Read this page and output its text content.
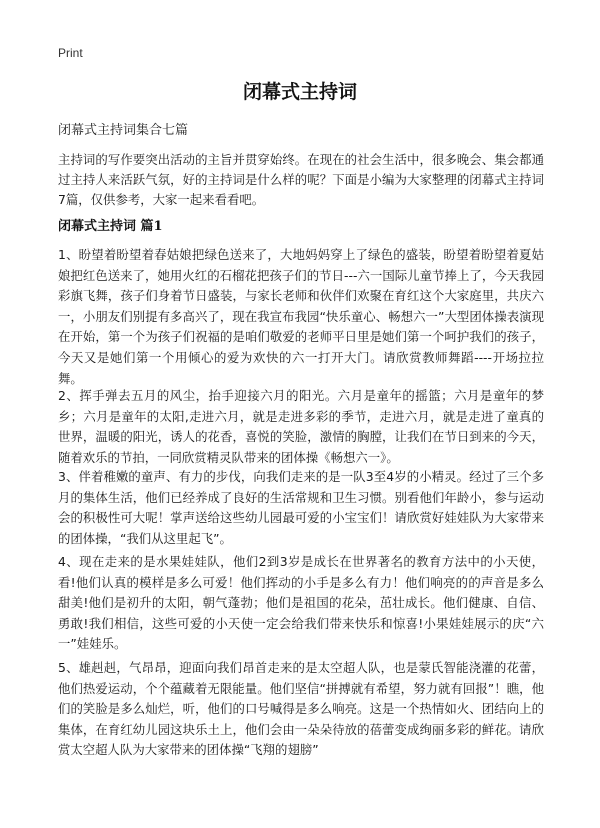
Print
闭幕式主持词
闭幕式主持词集合七篇

主持词的写作要突出活动的主旨并贯穿始终。在现在的社会生活中，很多晚会、集会都通过主持人来活跃气氛，好的主持词是什么样的呢？下面是小编为大家整理的闭幕式主持词7篇，仅供参考，大家一起来看看吧。

闭幕式主持词 篇1

1、盼望着盼望着春姑娘把绿色送来了，大地妈妈穿上了绿色的盛装，盼望着盼望着夏姑娘把红色送来了，她用火红的石榴花把孩子们的节日---六一国际儿童节捧上了，今天我园彩旗飞舞，孩子们身着节日盛装，与家长老师和伙伴们欢聚在育红这个大家庭里，共庆六一，小朋友们别提有多高兴了，现在我宣布我园“快乐童心、畅想六一”大型团体操表演现在开始，第一个为孩子们祝福的是咱们敬爱的老师平日里是她们第一个呵护我们的孩子，今天又是她们第一个用倾心的爱为欢快的六一打开大门。请欣赏教师舞蹈----开场拉拉舞。

2、挥手弹去五月的风尘，抬手迎接六月的阳光。六月是童年的摇篮；六月是童年的梦乡；六月是童年的太阳,走进六月，就是走进多彩的季节，走进六月，就是走进了童真的世界，温暖的阳光，诱人的花香，喜悦的笑脸，激情的胸膛，让我们在节日到来的今天，随着欢乐的节拍，一同欣赏精灵队带来的团体操《畅想六一》。

3、伴着稚嫩的童声、有力的步伐，向我们走来的是一队3至4岁的小精灵。经过了三个多月的集体生活，他们已经养成了良好的生活常规和卫生习惯。别看他们年龄小，参与运动会的积极性可大呢！掌声送给这些幼儿园最可爱的小宝宝们！请欣赏好娃娃队为大家带来的团体操，“我们从这里起飞”。

4、现在走来的是水果娃娃队，他们2到3岁是成长在世界著名的教育方法中的小天使，看!他们认真的模样是多么可爱！他们挥动的小手是多么有力！他们响亮的的声音是多么甜美!他们是初升的太阳，朝气蓬勃；他们是祖国的花朵，茁壮成长。他们健康、自信、勇敢!我们相信，这些可爱的小天使一定会给我们带来快乐和惊喜!小果娃娃展示的庆“六一”娃娃乐。

5、雄赳赳，气昂昂，迎面向我们昂首走来的是太空超人队，也是蒙氏智能浇灌的花蕾，他们热爱运动，个个蕴藏着无限能量。他们坚信“拼搏就有希望，努力就有回报”！瞧，他们的笑脸是多么灿烂，听，他们的口号喊得是多么响亮。这是一个热情如火、团结向上的集体，在育红幼儿园这块乐土上，他们会由一朵朵待放的蓓蕾变成绚丽多彩的鲜花。请欣赏太空超人队为大家带来的团体操“飞翔的翅膀”
